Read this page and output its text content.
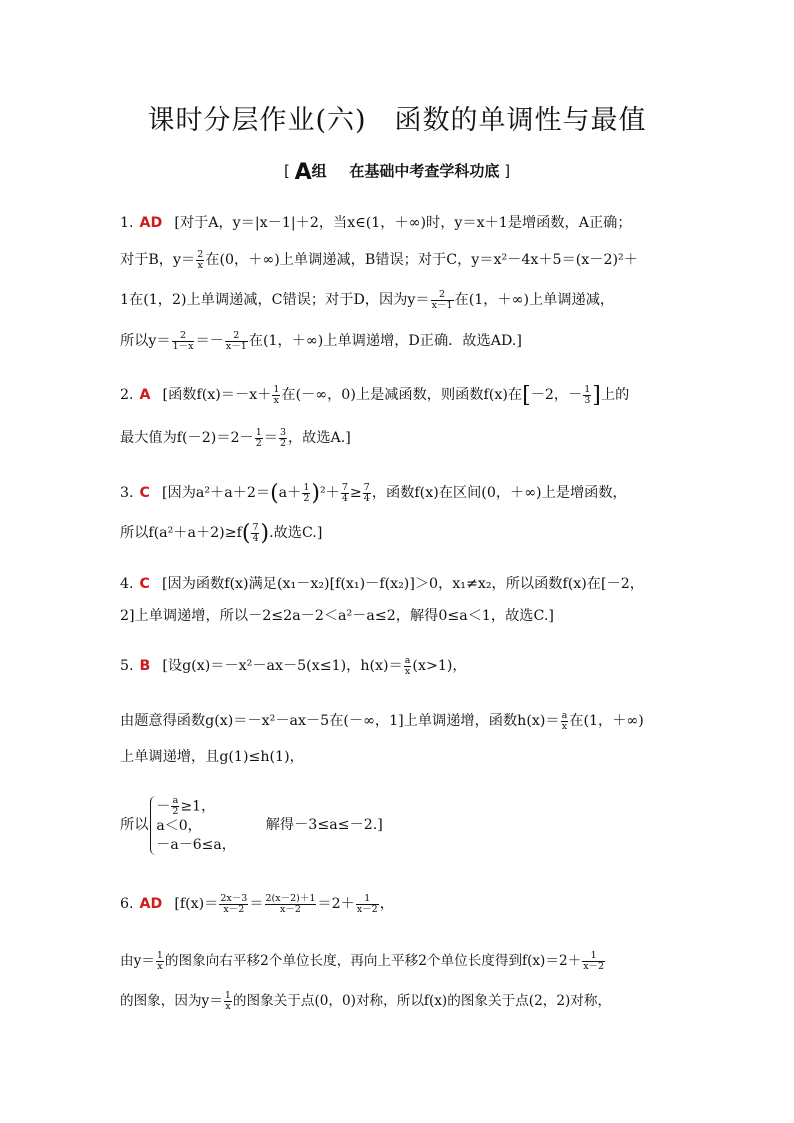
课时分层作业(六) 函数的单调性与最值
[ A组 在基础中考查学科功底 ]
1. AD [对于A，y＝|x－1|＋2，当x∈(1，＋∞)时，y＝x＋1是增函数，A正确；
对于B，$y= \frac{2}{x}$ 在(0，＋∞)上单调递减，B错误；对于C，y＝x²－4x＋5＝(x－2)²＋
1在(1，2)上单调递减，C错误；对于D，因为$y= \frac{2}{x-1}$ 在(1，＋∞)上单调递减，
所以$y= \frac{2}{1-x} =- \frac{2}{x-1}$ 在(1，＋∞)上单调递增，D正确．故选AD.]
2. A [函数$f(x)=-x+ \frac{1}{x}$ 在(－∞，0)上是减函数，则函数f(x)在[－2，－ $\frac{1}{3}$ ]上的
最大值为$f(-2)=2- \frac{1}{2} = \frac{3}{2}$ ，故选A.]
3. C [因为$a^2+a+2=(a+ \frac{1}{2} )^2+ \frac{7}{4} \ge \frac{7}{4}$ ，函数f(x)在区间(0，＋∞)上是增函数，
所以$f(a^2+a+2)\ge f( \frac{7}{4}$ ).故选C.]
4. C [因为函数f(x)满足(x₁－x₂)[f(x₁)－f(x₂)]＞0，x₁≠x₂，所以函数f(x)在[－2，
2]上单调递增，所以－2≤2a－2＜a²－a≤2，解得0≤a＜1，故选C.]
5. B [设g(x)＝－x²－ax－5(x≤1)，$h(x)= \frac{a}{x} (x>1)$，
由题意得函数g(x)＝－x²－ax－5在(－∞，1]上单调递增，函数$h(x)= \frac{a}{x}$ 在(1，＋∞)
上单调递增，且g(1)≤h(1)，
所以
－ $\frac{a}{2} \ge 1$，
a＜0，
－a－6≤a，
解得－3≤a≤－2.]
6. AD [$f(x)= \frac{2x-3}{x-2} = \frac{2(x-2)+1}{x-2} =2+ \frac{1}{x-2}$ ，
由$y= \frac{1}{x}$ 的图象向右平移2个单位长度，再向上平移2个单位长度得到$f(x)=2+ \frac{1}{x-2}$
的图象，因为$y= \frac{1}{x}$ 的图象关于点(0，0)对称，所以f(x)的图象关于点(2，2)对称，
